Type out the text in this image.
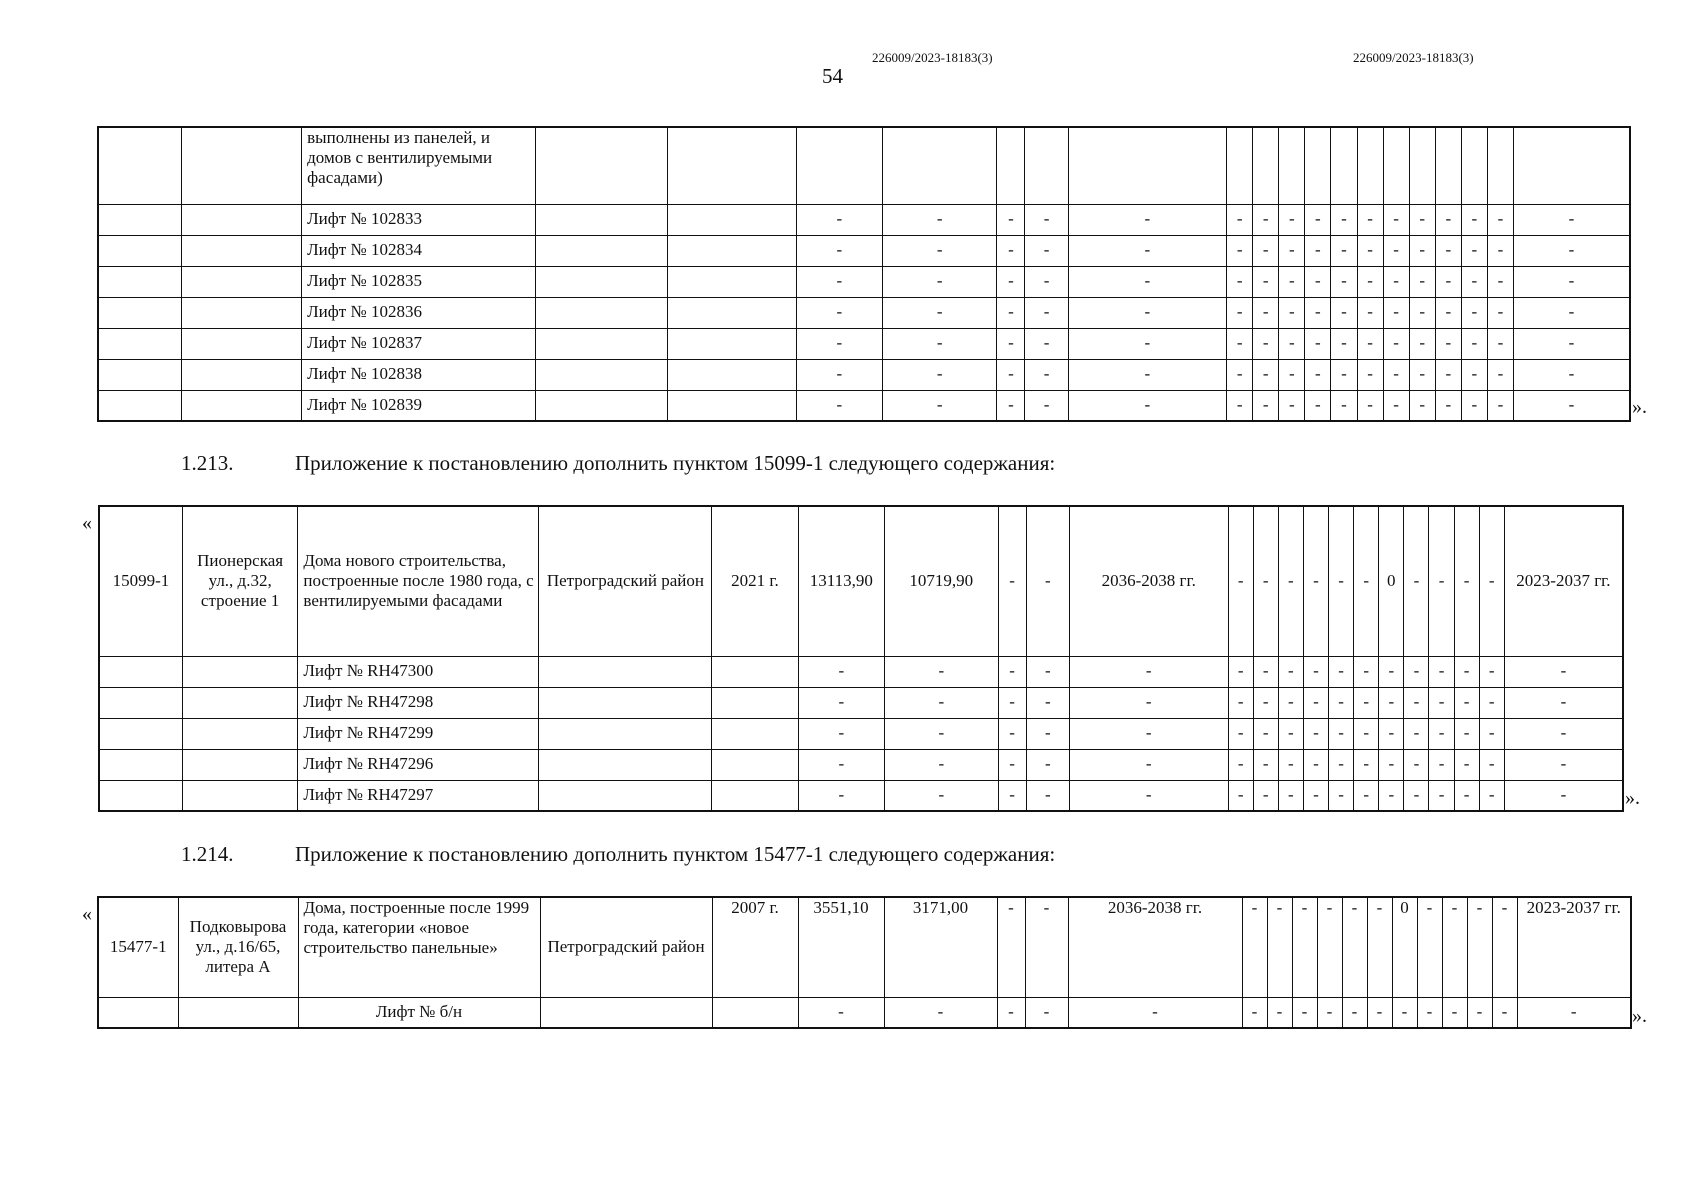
226009/2023-18183(3)	226009/2023-18183(3)
54
		выполнены из панелей, и домов с вентилируемыми фасадами)																			
		Лифт № 102833			-	-	-	-	-	-	-	-	-	-	-	-	-	-	-	-	-
		Лифт № 102834			-	-	-	-	-	-	-	-	-	-	-	-	-	-	-	-	-
		Лифт № 102835			-	-	-	-	-	-	-	-	-	-	-	-	-	-	-	-	-
		Лифт № 102836			-	-	-	-	-	-	-	-	-	-	-	-	-	-	-	-	-
		Лифт № 102837			-	-	-	-	-	-	-	-	-	-	-	-	-	-	-	-	-
		Лифт № 102838			-	-	-	-	-	-	-	-	-	-	-	-	-	-	-	-	-
		Лифт № 102839			-	-	-	-	-	-	-	-	-	-	-	-	-	-	-	-	-	».
1.213.	Приложение к постановлению дополнить пунктом 15099-1 следующего содержания:
«
15099-1	Пионерская ул., д.32, строение 1	Дома нового строительства, построенные после 1980 года, с вентилируемыми фасадами	Петроградский район	2021 г.	13113,90	10719,90	-	-	2036-2038 гг.	-	-	-	-	-	-	0	-	-	-	-	2023-2037 гг.
		Лифт № RH47300			-	-	-	-	-	-	-	-	-	-	-	-	-	-	-	-	-
		Лифт № RH47298			-	-	-	-	-	-	-	-	-	-	-	-	-	-	-	-	-
		Лифт № RH47299			-	-	-	-	-	-	-	-	-	-	-	-	-	-	-	-	-
		Лифт № RH47296			-	-	-	-	-	-	-	-	-	-	-	-	-	-	-	-	-
		Лифт № RH47297			-	-	-	-	-	-	-	-	-	-	-	-	-	-	-	-	-	».
1.214.	Приложение к постановлению дополнить пунктом 15477-1 следующего содержания:
«
15477-1	Подковырова ул., д.16/65, литера А	Дома, построенные после 1999 года, категории «новое строительство панельные»	Петроградский район	2007 г.	3551,10	3171,00	-	-	2036-2038 гг.	-	-	-	-	-	-	0	-	-	-	-	2023-2037 гг.
		Лифт № б/н			-	-	-	-	-	-	-	-	-	-	-	-	-	-	-	-	-	».
